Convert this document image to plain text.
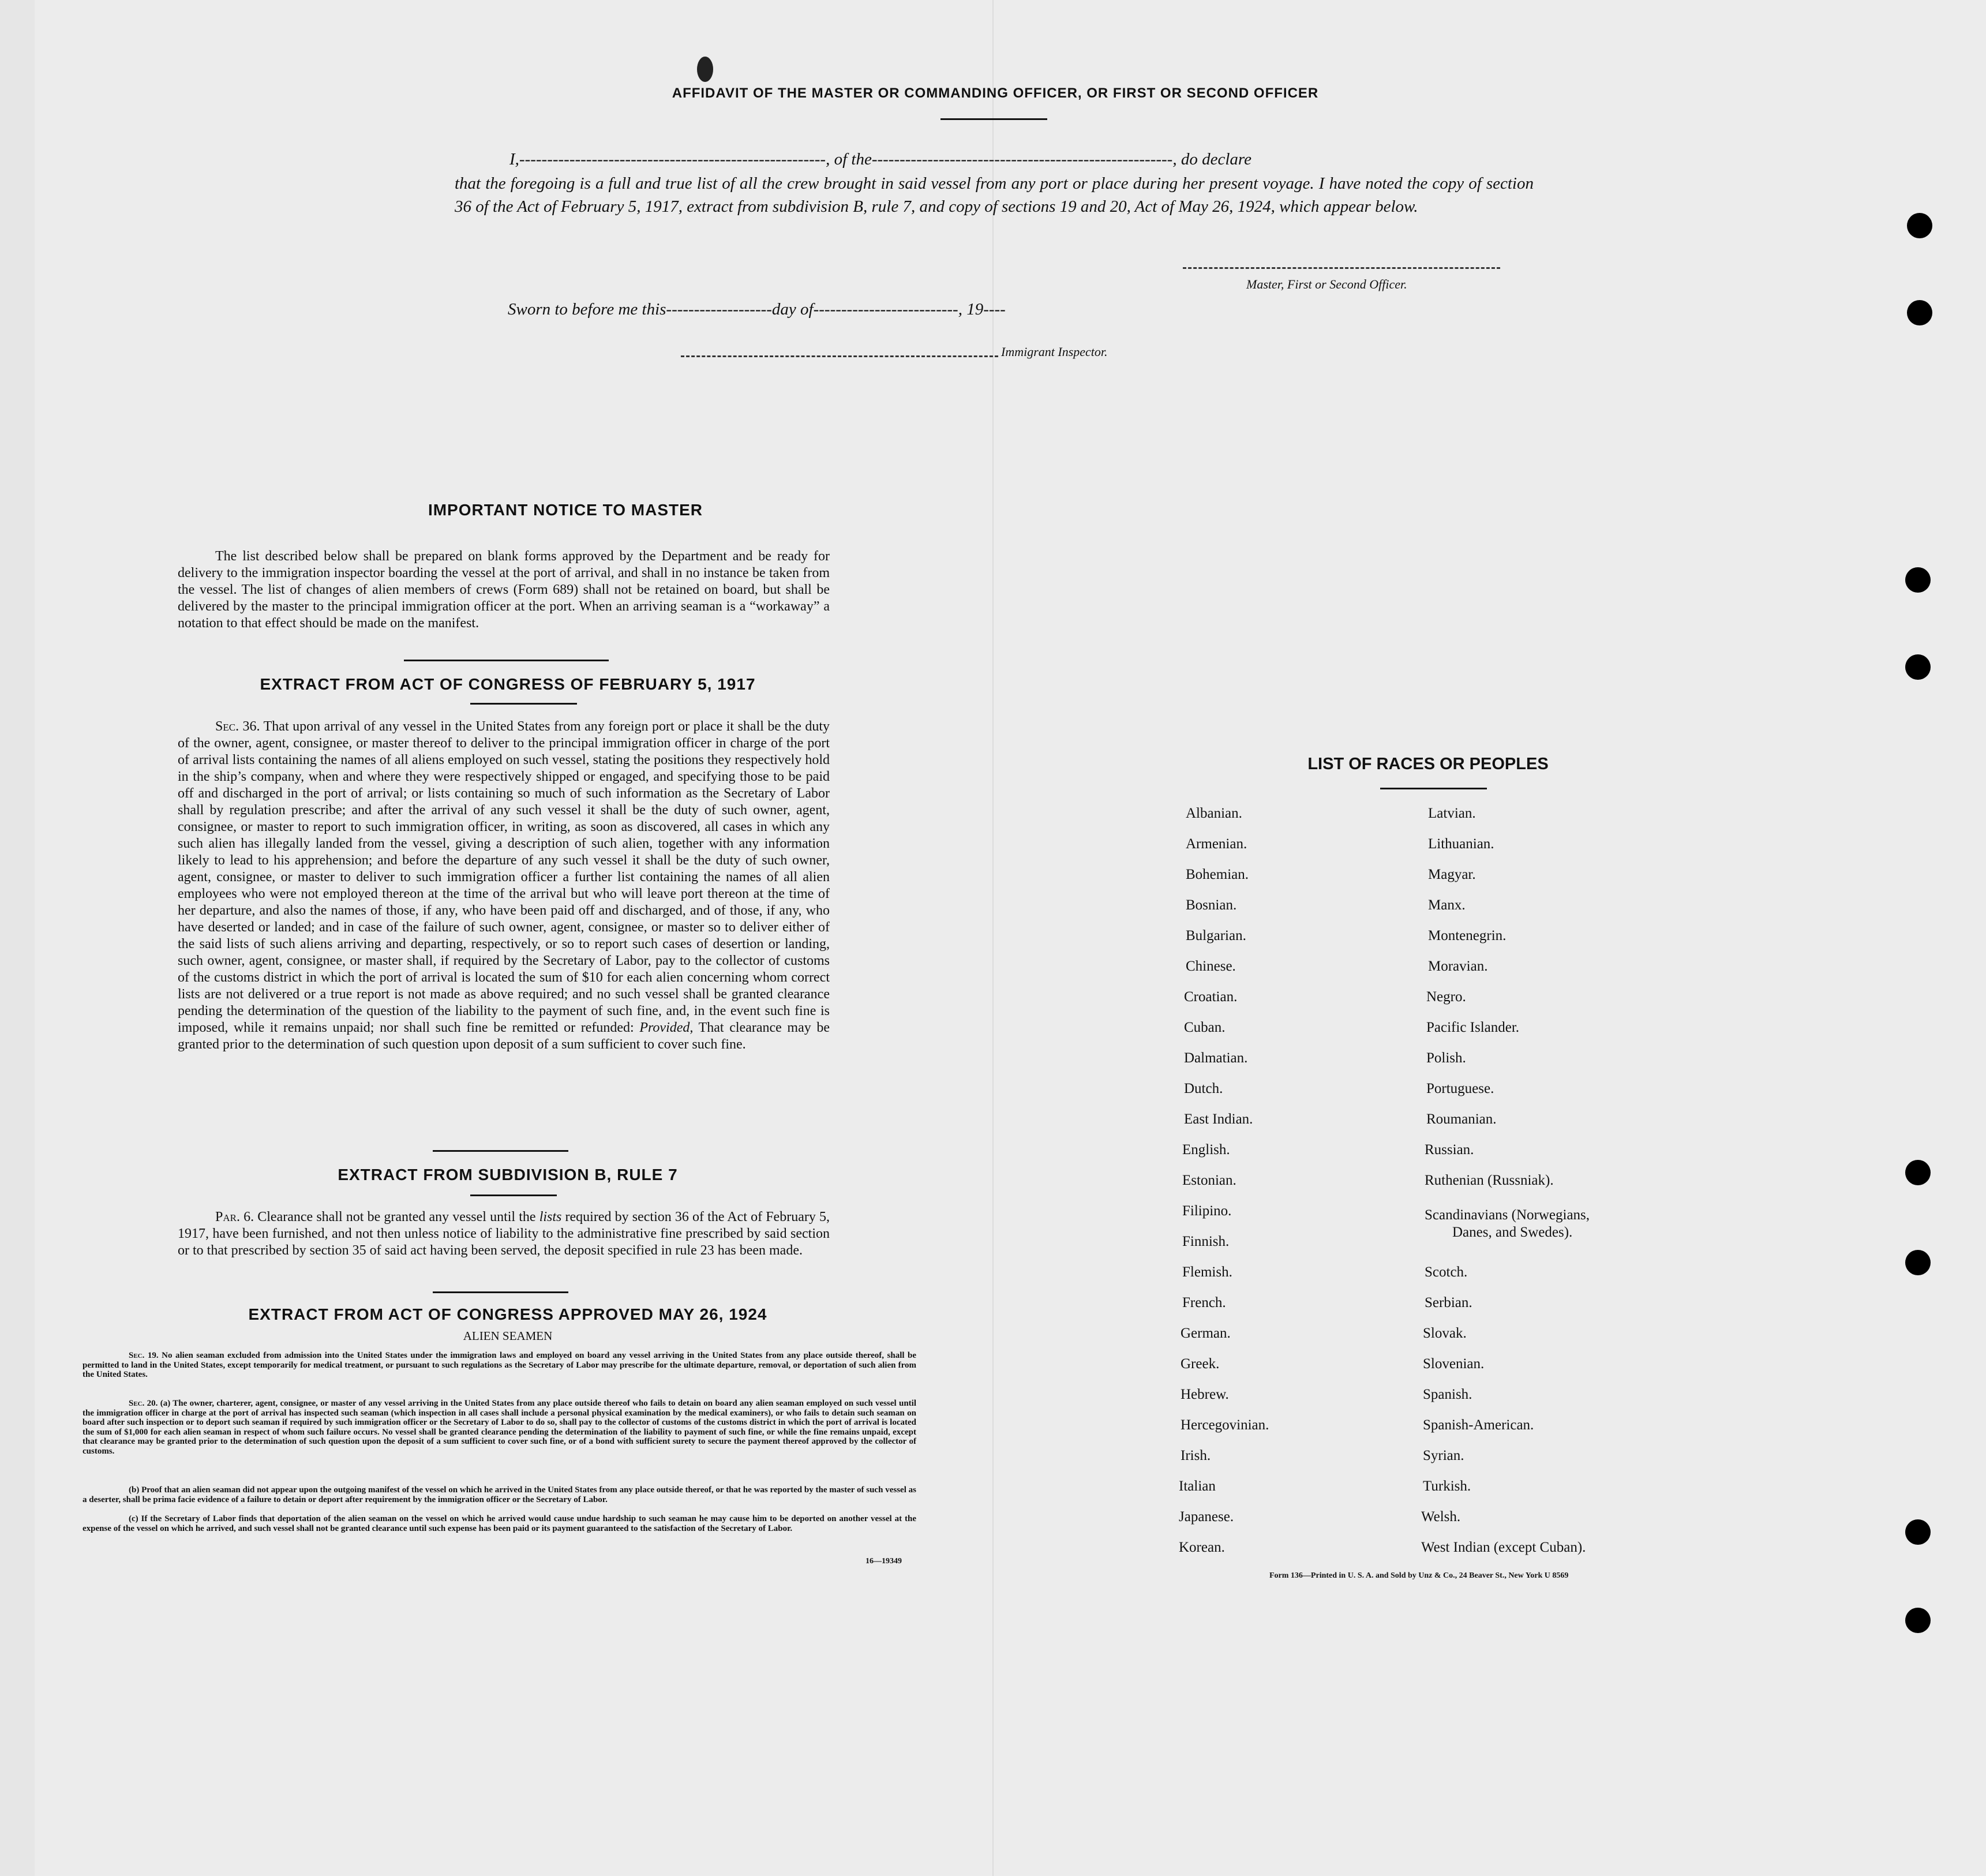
AFFIDAVIT OF THE MASTER OR COMMANDING OFFICER, OR FIRST OR SECOND OFFICER
I,-------------------------------------------------------, of the------------------------------------------------------, do declare
that the foregoing is a full and true list of all the crew brought in said vessel from any port or place during her present voyage. I have noted the copy of section 36 of the Act of February 5, 1917, extract from subdivision B, rule 7, and copy of sections 19 and 20, Act of May 26, 1924, which appear below.
Master, First or Second Officer.
Sworn to before me this-------------------day of--------------------------, 19----
Immigrant Inspector.
IMPORTANT NOTICE TO MASTER
The list described below shall be prepared on blank forms approved by the Department and be ready for delivery to the immigration inspector boarding the vessel at the port of arrival, and shall in no instance be taken from the vessel. The list of changes of alien members of crews (Form 689) shall not be retained on board, but shall be delivered by the master to the principal immigration officer at the port. When an arriving seaman is a “workaway” a notation to that effect should be made on the manifest.
EXTRACT FROM ACT OF CONGRESS OF FEBRUARY 5, 1917
Sec. 36. That upon arrival of any vessel in the United States from any foreign port or place it shall be the duty of the owner, agent, consignee, or master thereof to deliver to the principal immigration officer in charge of the port of arrival lists containing the names of all aliens employed on such vessel, stating the positions they respectively hold in the ship’s company, when and where they were respectively shipped or engaged, and specifying those to be paid off and discharged in the port of arrival; or lists containing so much of such information as the Secretary of Labor shall by regulation prescribe; and after the arrival of any such vessel it shall be the duty of such owner, agent, consignee, or master to report to such immigration officer, in writing, as soon as discovered, all cases in which any such alien has illegally landed from the vessel, giving a description of such alien, together with any information likely to lead to his apprehension; and before the departure of any such vessel it shall be the duty of such owner, agent, consignee, or master to deliver to such immigration officer a further list containing the names of all alien employees who were not employed thereon at the time of the arrival but who will leave port thereon at the time of her departure, and also the names of those, if any, who have been paid off and discharged, and of those, if any, who have deserted or landed; and in case of the failure of such owner, agent, consignee, or master so to deliver either of the said lists of such aliens arriving and departing, respectively, or so to report such cases of desertion or landing, such owner, agent, consignee, or master shall, if required by the Secretary of Labor, pay to the collector of customs of the customs district in which the port of arrival is located the sum of $10 for each alien concerning whom correct lists are not delivered or a true report is not made as above required; and no such vessel shall be granted clearance pending the determination of the question of the liability to the payment of such fine, and, in the event such fine is imposed, while it remains unpaid; nor shall such fine be remitted or refunded: Provided, That clearance may be granted prior to the determination of such question upon deposit of a sum sufficient to cover such fine.
EXTRACT FROM SUBDIVISION B, RULE 7
Par. 6. Clearance shall not be granted any vessel until the lists required by section 36 of the Act of February 5, 1917, have been furnished, and not then unless notice of liability to the administrative fine prescribed by said section or to that prescribed by section 35 of said act having been served, the deposit specified in rule 23 has been made.
EXTRACT FROM ACT OF CONGRESS APPROVED MAY 26, 1924
ALIEN SEAMEN
Sec. 19. No alien seaman excluded from admission into the United States under the immigration laws and employed on board any vessel arriving in the United States from any place outside thereof, shall be permitted to land in the United States, except temporarily for medical treatment, or pursuant to such regulations as the Secretary of Labor may prescribe for the ultimate departure, removal, or deportation of such alien from the United States.
Sec. 20. (a) The owner, charterer, agent, consignee, or master of any vessel arriving in the United States from any place outside thereof who fails to detain on board any alien seaman employed on such vessel until the immigration officer in charge at the port of arrival has inspected such seaman (which inspection in all cases shall include a personal physical examination by the medical examiners), or who fails to detain such seaman on board after such inspection or to deport such seaman if required by such immigration officer or the Secretary of Labor to do so, shall pay to the collector of customs of the customs district in which the port of arrival is located the sum of $1,000 for each alien seaman in respect of whom such failure occurs. No vessel shall be granted clearance pending the determination of the liability to payment of such fine, or while the fine remains unpaid, except that clearance may be granted prior to the determination of such question upon the deposit of a sum sufficient to cover such fine, or of a bond with sufficient surety to secure the payment thereof approved by the collector of customs.
(b) Proof that an alien seaman did not appear upon the outgoing manifest of the vessel on which he arrived in the United States from any place outside thereof, or that he was reported by the master of such vessel as a deserter, shall be prima facie evidence of a failure to detain or deport after requirement by the immigration officer or the Secretary of Labor.
(c) If the Secretary of Labor finds that deportation of the alien seaman on the vessel on which he arrived would cause undue hardship to such seaman he may cause him to be deported on another vessel at the expense of the vessel on which he arrived, and such vessel shall not be granted clearance until such expense has been paid or its payment guaranteed to the satisfaction of the Secretary of Labor.
16—19349
LIST OF RACES OR PEOPLES
Form 136—Printed in U. S. A. and Sold by Unz & Co., 24 Beaver St., New York U 8569
Albanian.
Armenian.
Bohemian.
Bosnian.
Bulgarian.
Chinese.
Croatian.
Cuban.
Dalmatian.
Dutch.
East Indian.
English.
Estonian.
Filipino.
Finnish.
Flemish.
French.
German.
Greek.
Hebrew.
Hercegovinian.
Irish.
Italian
Japanese.
Korean.
Latvian.
Lithuanian.
Magyar.
Manx.
Montenegrin.
Moravian.
Negro.
Pacific Islander.
Polish.
Portuguese.
Roumanian.
Russian.
Ruthenian (Russniak).
Scandinavians (Norwegians,
Danes, and Swedes).
Scotch.
Serbian.
Slovak.
Slovenian.
Spanish.
Spanish-American.
Syrian.
Turkish.
Welsh.
West Indian (except Cuban).
